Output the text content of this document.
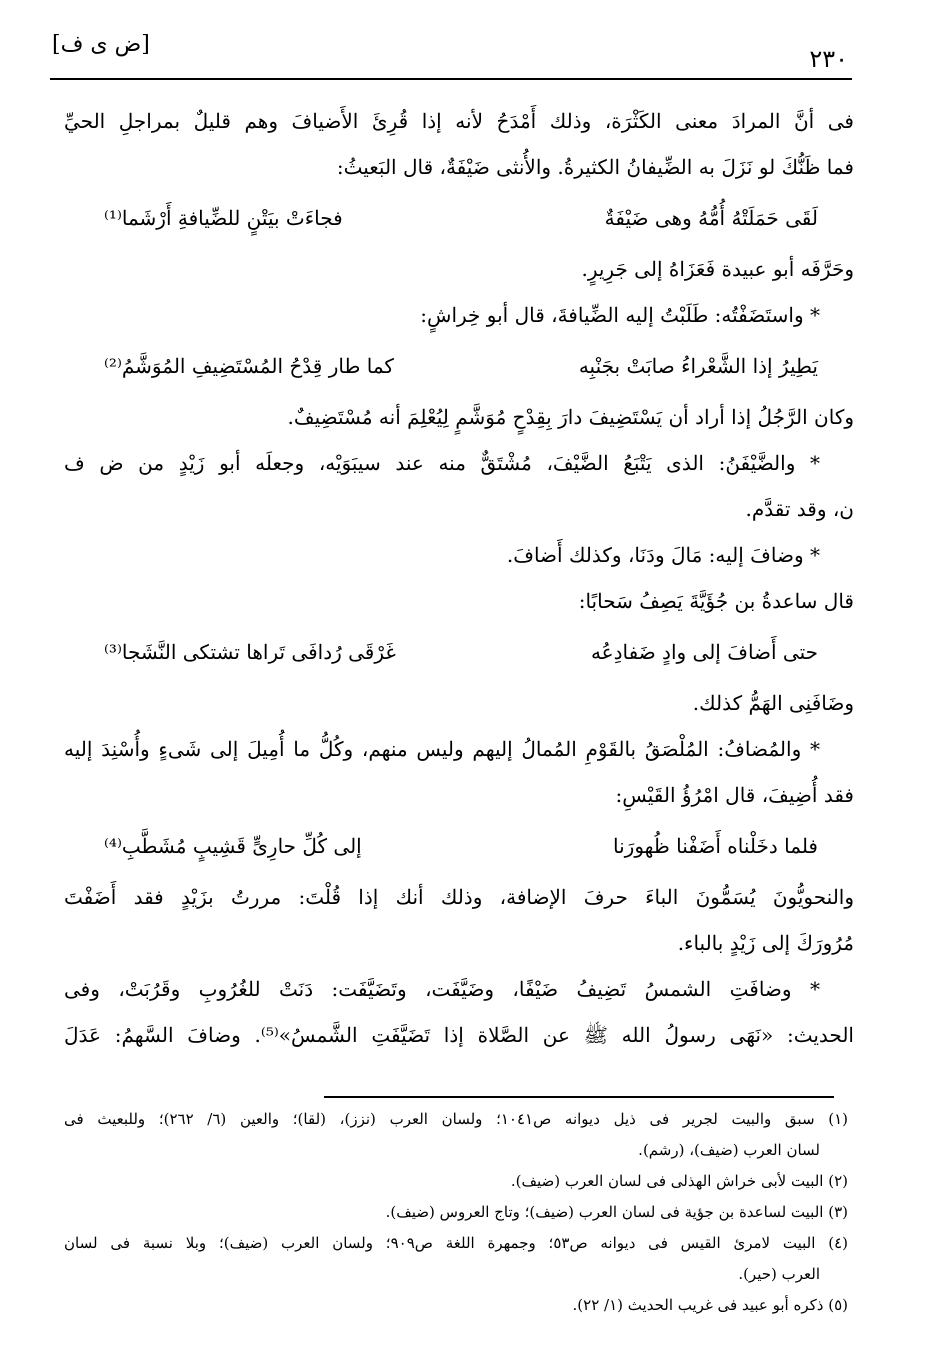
[ض ى ف]
٢٣٠
فى أنَّ المرادَ معنى الكَثْرَة، وذلك أَمْدَحُ لأنه إذا قُرِئَ الأَضيافَ وهم قليلٌ بمراجلِ الحيِّ
فما ظَنُّكَ لو نَزَلَ به الضِّيفانُ الكثيرةُ. والأُنثى ضَيْفَةٌ، قال البَعيثُ:
لَقَى حَمَلَتْهُ أُمُّهُ وهى ضَيْفَةٌ
فجاءَتْ بيَتْنٍ للضِّيافةِ أَرْشَما⁽¹⁾
وحَرَّفَه أبو عبيدة فَعَزَاهُ إلى جَرِيرٍ.
* واستَضَفْتُه: طَلَبْتُ إليه الضِّيافةَ، قال أبو خِراشٍ:
يَطِيرُ إذا الشَّعْراءُ صابَتْ بجَنْبِه
كما طار قِدْحُ المُسْتَضِيفِ المُوَشَّمُ⁽²⁾
وكان الرَّجُلُ إذا أراد أن يَسْتَضِيفَ دارَ بِقِدْحٍ مُوَشَّمٍ لِيُعْلِمَ أنه مُسْتَضِيفٌ.
* والضَّيْفَنُ: الذى يَتْبَعُ الضَّيْفَ، مُشْتَقٌّ منه عند سيبَوَيْه، وجعلَه أبو زَيْدٍ من ض ف
ن، وقد تقدَّم.
* وضافَ إليه: مَالَ ودَنَا، وكذلك أَضافَ.
قال ساعدةُ بن جُؤَيَّةَ يَصِفُ سَحابًا:
حتى أَضافَ إلى وادٍ ضَفادِعُه
غَرْقَى رُدافَى تَراها تشتكى النَّشَجا⁽³⁾
وضَافَنِى الهَمُّ كذلك.
* والمُضافُ: المُلْصَقُ بالقَوْمِ المُمالُ إليهم وليس منهم، وكُلُّ ما أُمِيلَ إلى شَىءٍ وأُسْنِدَ إليه
فقد أُضِيفَ، قال امْرُؤُ القَيْسِ:
فلما دخَلْناه أَضَفْنا ظُهورَنا
إلى كُلِّ حارِىٍّ قَشِيبٍ مُشَطَّبِ⁽⁴⁾
والنحويُّونَ يُسَمُّونَ الباءَ حرفَ الإضافة، وذلك أنك إذا قُلْتَ: مررتُ بزَيْدٍ فقد أَضَفْتَ
مُرُورَكَ إلى زَيْدٍ بالباء.
* وضافَتِ الشمسُ تَضِيفُ ضَيْفًا، وضَيَّفَت، وتَضَيَّفَت: دَنَتْ للغُرُوبِ وقَرُبَتْ، وفى
الحديث: «نَهَى رسولُ الله ﷺ عن الصَّلاة إذا تَضَيَّفَتِ الشَّمسُ»⁽⁵⁾. وضافَ السَّهمُ: عَدَلَ
(١) سبق والبيت لجرير فى ذيل ديوانه ص١٠٤١؛ ولسان العرب (نزز)، (لقا)؛ والعين (٦/ ٢٦٢)؛ وللبعيث فى
لسان العرب (ضيف)، (رشم).
(٢) البيت لأبى خراش الهذلى فى لسان العرب (ضيف).
(٣) البيت لساعدة بن جؤية فى لسان العرب (ضيف)؛ وتاج العروس (ضيف).
(٤) البيت لامرئ القيس فى ديوانه ص٥٣؛ وجمهرة اللغة ص٩٠٩؛ ولسان العرب (ضيف)؛ وبلا نسبة فى لسان
العرب (حير).
(٥) ذكره أبو عبيد فى غريب الحديث (١/ ٢٢).
